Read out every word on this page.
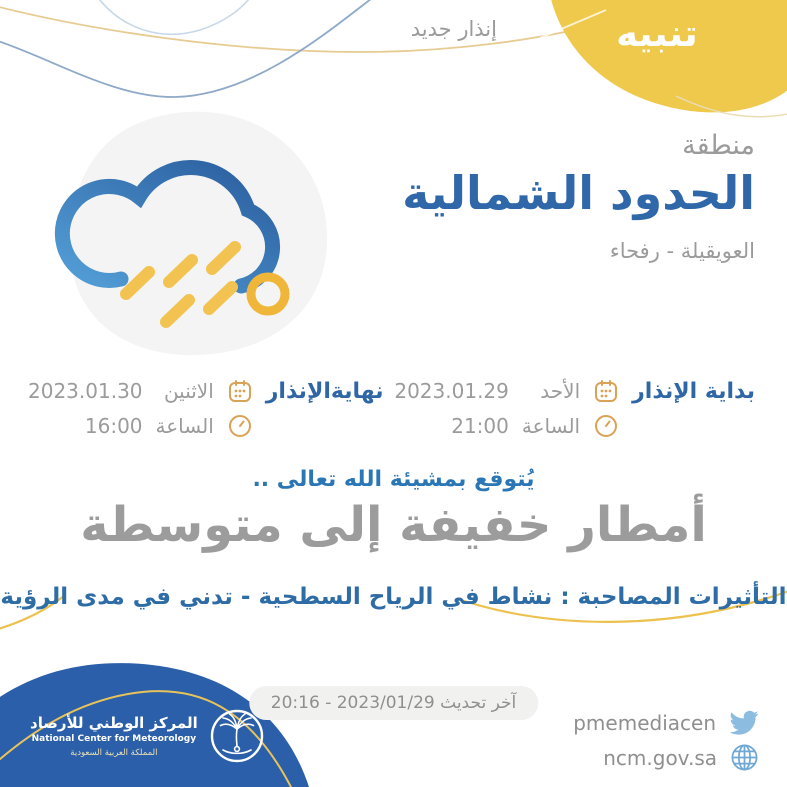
تنبيه
إنذار جديد
منطقة
الحدود الشمالية
العويقيلة - رفحاء
بداية الإنذار
الأحد
2023.01.29
الساعة
21:00
نهايةالإنذار
الاثنين
2023.01.30
الساعة
16:00
يُتوقع بمشيئة الله تعالى ..
أمطار خفيفة إلى متوسطة
التأثيرات المصاحبة : نشاط في الرياح السطحية - تدني في مدى الرؤية
آخر تحديث 2023/01/29 - 20:16
المركز الوطني للأرصاد
National Center for Meteorology
المملكة العربية السعودية
pmemediacen
ncm.gov.sa
